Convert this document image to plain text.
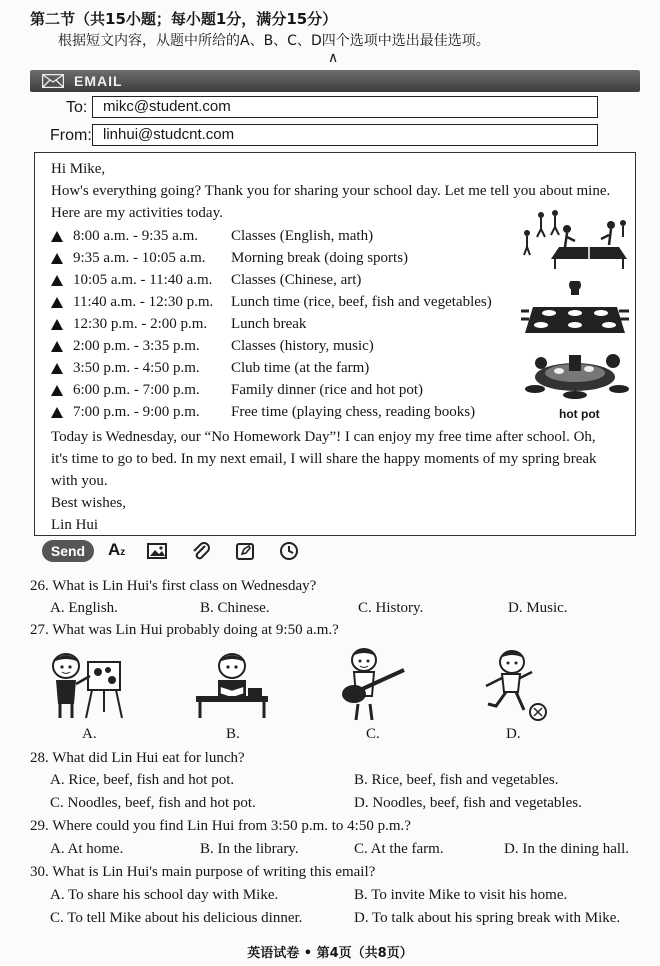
第二节（共15小题；每小题1分，满分15分）
根据短文内容，从题中所给的A、B、C、D四个选项中选出最佳选项。
∧
EMAIL
To:	mikc@student.com
From: linhui@studcnt.com
Hi Mike,
How's everything going? Thank you for sharing your school day. Let me tell you about mine.
Here are my activities today.
8:00 a.m. - 9:35 a.m. Classes (English, math)
9:35 a.m. - 10:05 a.m. Morning break (doing sports)
10:05 a.m. - 11:40 a.m. Classes (Chinese, art)
11:40 a.m. - 12:30 p.m. Lunch time (rice, beef, fish and vegetables)
12:30 p.m. - 2:00 p.m. Lunch break
2:00 p.m. - 3:35 p.m. Classes (history, music)
3:50 p.m. - 4:50 p.m. Club time (at the farm)
6:00 p.m. - 7:00 p.m. Family dinner (rice and hot pot)
7:00 p.m. - 9:00 p.m. Free time (playing chess, reading books)	hot pot
Today is Wednesday, our “No Homework Day”! I can enjoy my free time after school. Oh,
it's time to go to bed. In my next email, I will share the happy moments of my spring break
with you.
Best wishes,
Lin Hui
Send	Az
26. What is Lin Hui's first class on Wednesday?
A. English.	B. Chinese.	C. History.	D. Music.
27. What was Lin Hui probably doing at 9:50 a.m.?
A.	B.	C.	D.
28. What did Lin Hui eat for lunch?
A. Rice, beef, fish and hot pot.	B. Rice, beef, fish and vegetables.
C. Noodles, beef, fish and hot pot.	D. Noodles, beef, fish and vegetables.
29. Where could you find Lin Hui from 3:50 p.m. to 4:50 p.m.?
A. At home.	B. In the library.	C. At the farm.	D. In the dining hall.
30. What is Lin Hui's main purpose of writing this email?
A. To share his school day with Mike.	B. To invite Mike to visit his home.
C. To tell Mike about his delicious dinner.	D. To talk about his spring break with Mike.
英语试卷 • 第4页（共8页）
